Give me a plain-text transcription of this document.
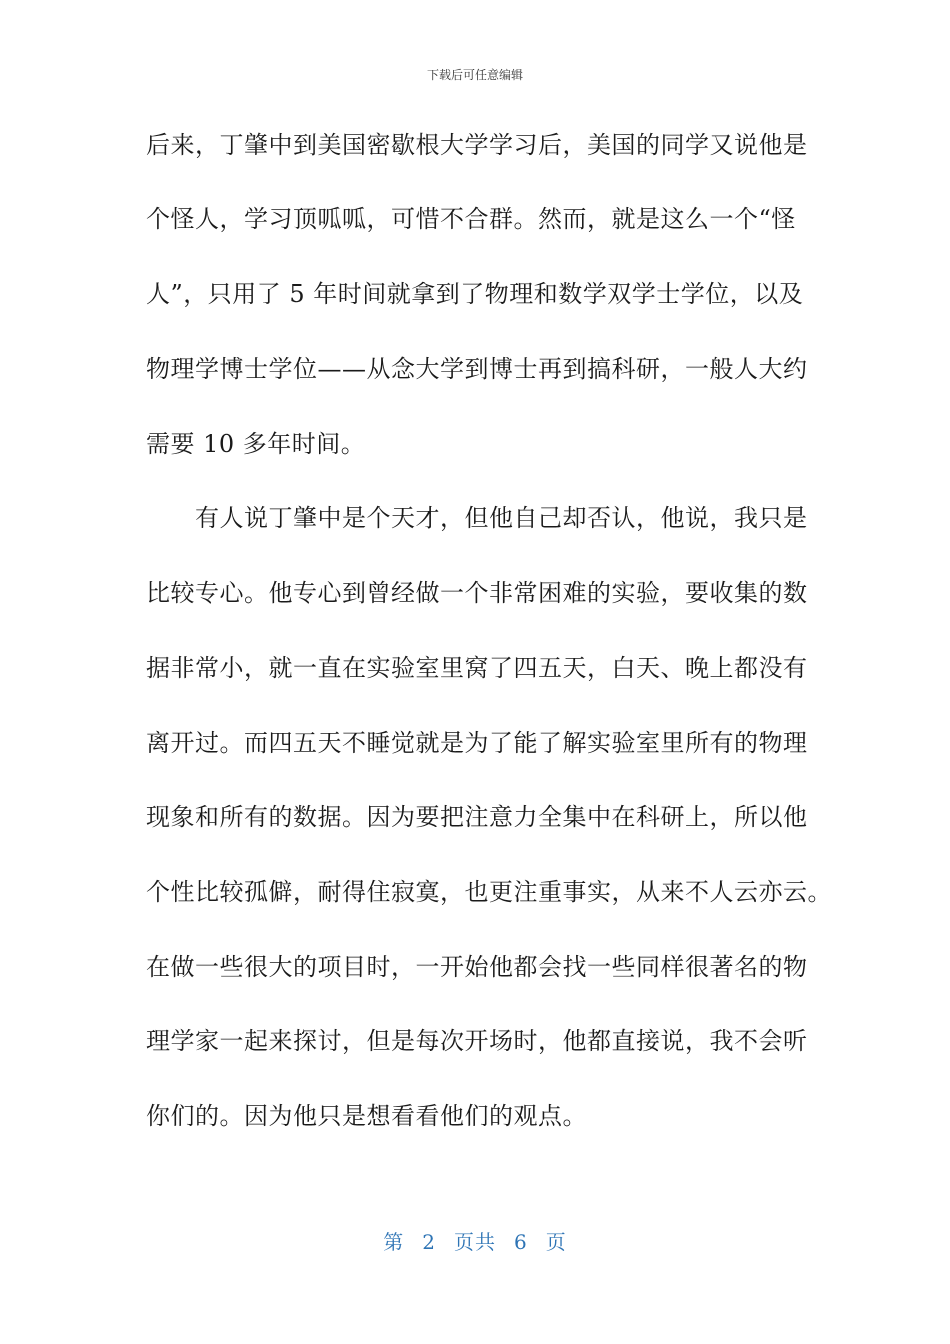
下载后可任意编辑
后来，丁肇中到美国密歇根大学学习后，美国的同学又说他是
个怪人，学习顶呱呱，可惜不合群。然而，就是这么一个“怪
人”，只用了 5 年时间就拿到了物理和数学双学士学位，以及
物理学博士学位——从念大学到博士再到搞科研，一般人大约
需要 10 多年时间。
　　有人说丁肇中是个天才，但他自己却否认，他说，我只是
比较专心。他专心到曾经做一个非常困难的实验，要收集的数
据非常小，就一直在实验室里窝了四五天，白天、晚上都没有
离开过。而四五天不睡觉就是为了能了解实验室里所有的物理
现象和所有的数据。因为要把注意力全集中在科研上，所以他
个性比较孤僻，耐得住寂寞，也更注重事实，从来不人云亦云。
在做一些很大的项目时，一开始他都会找一些同样很著名的物
理学家一起来探讨，但是每次开场时，他都直接说，我不会听
你们的。因为他只是想看看他们的观点。
第 2 页共 6 页
